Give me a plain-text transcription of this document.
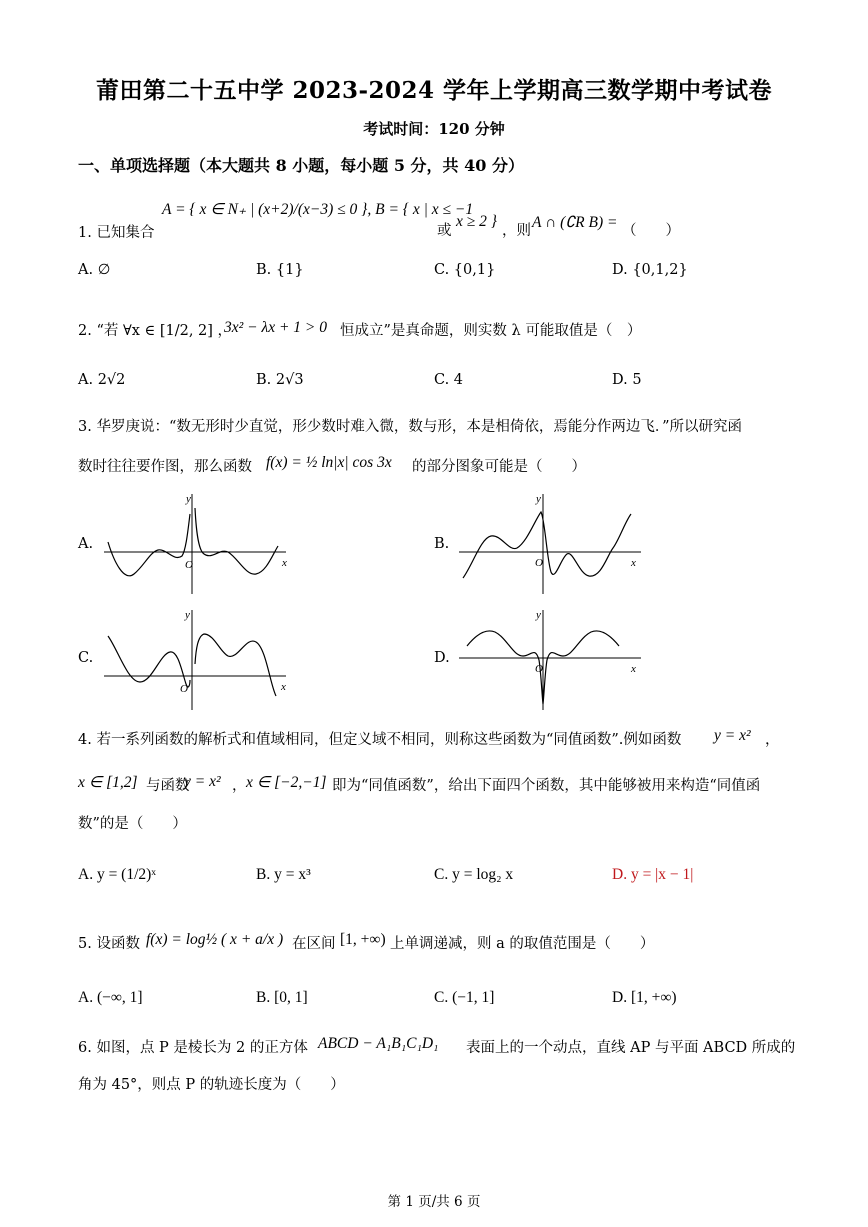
莆田第二十五中学 2023-2024 学年上学期高三数学期中考试卷
考试时间：120 分钟
一、单项选择题（本大题共 8 小题，每小题 5 分，共 40 分）
1. 已知集合
A = { x ∈ N₊ | (x+2)/(x−3) ≤ 0 }, B = { x | x ≤ −1
或
x ≥ 2 }
，则 A ∩ (∁R B) = （　　）
A. ∅	B. {1}	C. {0,1}	D. {0,1,2}
2. “若 ∀x ∈ [1/2, 2] ，
3x² − λx + 1 > 0 恒成立”是真命题，则实数 λ 可能取值是（　）
A. 2√2	B. 2√3	C. 4	D. 5
3. 华罗庚说：“数无形时少直觉，形少数时难入微，数与形，本是相倚依，焉能分作两边飞．”所以研究函
数时往往要作图，那么函数 f(x) = ½ ln|x| cos 3x 的部分图象可能是（　　）
A.	B.
C.	D.
O	x
y
O	x
y
O	x
y
O	x
y
4. 若一系列函数的解析式和值域相同，但定义域不相同，则称这些函数为“同值函数”.例如函数 y = x² ，
x ∈ [1,2] 与函数
y = x² ， x ∈ [−2,−1] 即为“同值函数”，给出下面四个函数，其中能够被用来构造“同值函
数”的是（　　）
A. y = (1/2)ˣ	B. y = x³	C. y = log₂ x	D. y = |x − 1|
5. 设函数 f(x) = log½ ( x + a/x ) 在区间 [1, +∞) 上单调递减，则 a 的取值范围是（　　）
A. (−∞, 1]	B. [0, 1]	C. (−1, 1]	D. [1, +∞)
6. 如图，点 P 是棱长为 2 的正方体 ABCD − A₁B₁C₁D₁ 表面上的一个动点，直线 AP 与平面 ABCD 所成的
角为 45°，则点 P 的轨迹长度为（　　）
第 1 页/共 6 页
